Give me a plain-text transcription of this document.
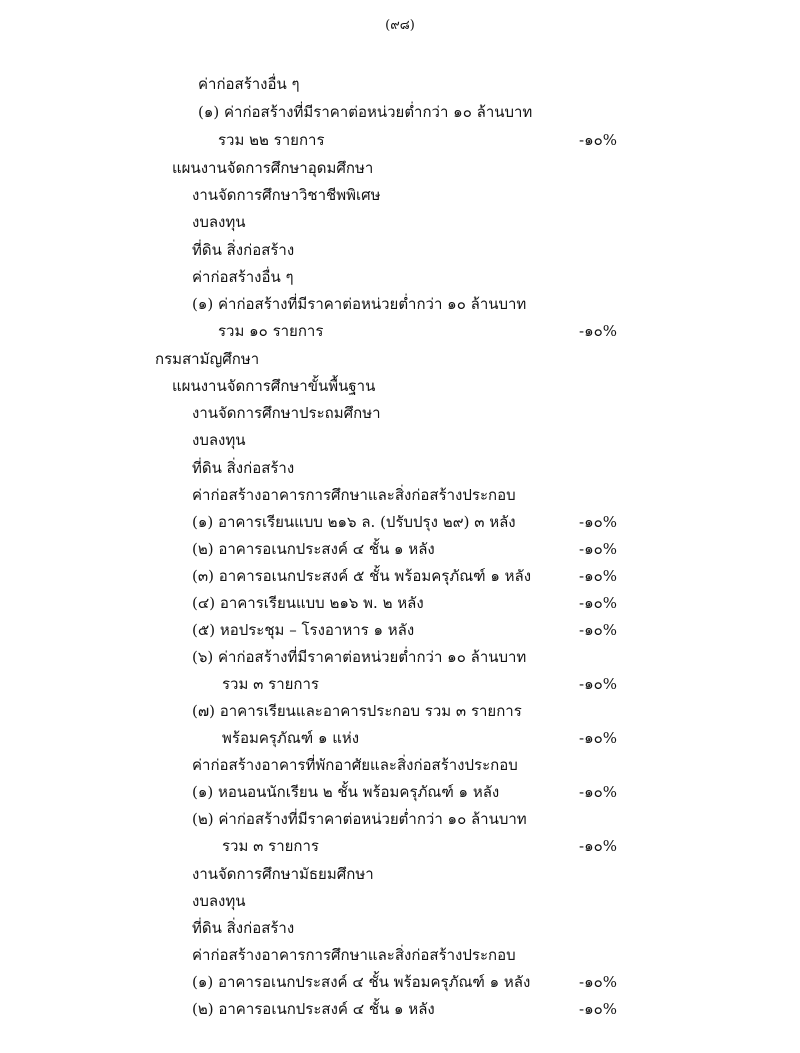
(๙๘)
ค่าก่อสร้างอื่น ๆ
(๑) ค่าก่อสร้างที่มีราคาต่อหน่วยต่ำกว่า ๑๐ ล้านบาท
รวม ๒๒ รายการ	-๑๐%
แผนงานจัดการศึกษาอุดมศึกษา
งานจัดการศึกษาวิชาชีพพิเศษ
งบลงทุน
ที่ดิน สิ่งก่อสร้าง
ค่าก่อสร้างอื่น ๆ
(๑) ค่าก่อสร้างที่มีราคาต่อหน่วยต่ำกว่า ๑๐ ล้านบาท
รวม ๑๐ รายการ	-๑๐%
กรมสามัญศึกษา
แผนงานจัดการศึกษาขั้นพื้นฐาน
งานจัดการศึกษาประถมศึกษา
งบลงทุน
ที่ดิน สิ่งก่อสร้าง
ค่าก่อสร้างอาคารการศึกษาและสิ่งก่อสร้างประกอบ
(๑) อาคารเรียนแบบ ๒๑๖ ล. (ปรับปรุง ๒๙) ๓ หลัง	-๑๐%
(๒) อาคารอเนกประสงค์ ๔ ชั้น ๑ หลัง	-๑๐%
(๓) อาคารอเนกประสงค์ ๕ ชั้น พร้อมครุภัณฑ์ ๑ หลัง	-๑๐%
(๔) อาคารเรียนแบบ ๒๑๖ พ. ๒ หลัง	-๑๐%
(๕) หอประชุม – โรงอาหาร ๑ หลัง	-๑๐%
(๖) ค่าก่อสร้างที่มีราคาต่อหน่วยต่ำกว่า ๑๐ ล้านบาท
รวม ๓ รายการ	-๑๐%
(๗) อาคารเรียนและอาคารประกอบ รวม ๓ รายการ
พร้อมครุภัณฑ์ ๑ แห่ง	-๑๐%
ค่าก่อสร้างอาคารที่พักอาศัยและสิ่งก่อสร้างประกอบ
(๑) หอนอนนักเรียน ๒ ชั้น พร้อมครุภัณฑ์ ๑ หลัง	-๑๐%
(๒) ค่าก่อสร้างที่มีราคาต่อหน่วยต่ำกว่า ๑๐ ล้านบาท
รวม ๓ รายการ	-๑๐%
งานจัดการศึกษามัธยมศึกษา
งบลงทุน
ที่ดิน สิ่งก่อสร้าง
ค่าก่อสร้างอาคารการศึกษาและสิ่งก่อสร้างประกอบ
(๑) อาคารอเนกประสงค์ ๔ ชั้น พร้อมครุภัณฑ์ ๑ หลัง	-๑๐%
(๒) อาคารอเนกประสงค์ ๔ ชั้น ๑ หลัง	-๑๐%
